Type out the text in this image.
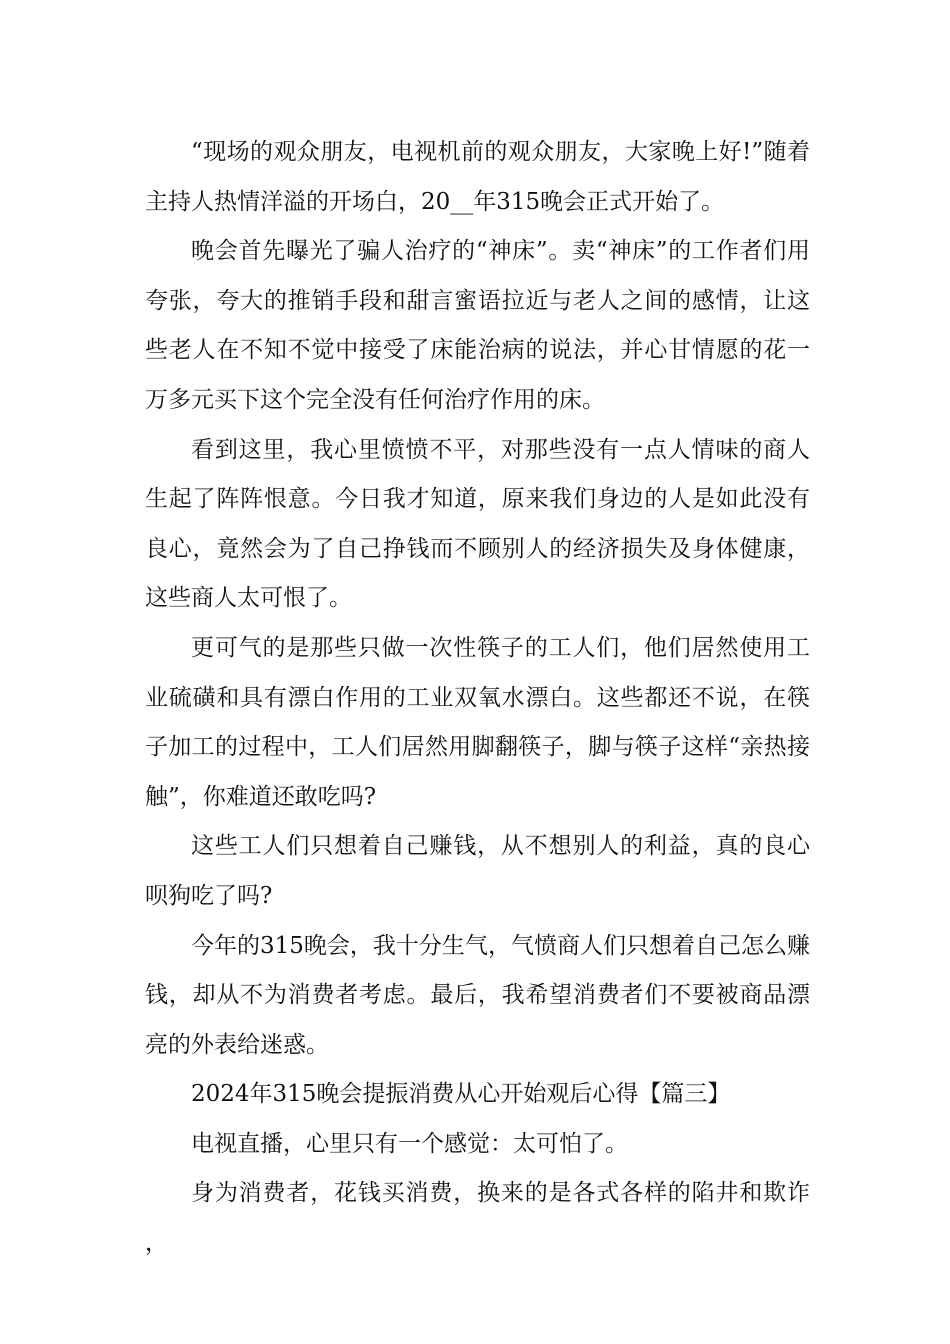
“现场的观众朋友，电视机前的观众朋友，大家晚上好!”随着主持人热情洋溢的开场白，20__年315晚会正式开始了。

晚会首先曝光了骗人治疗的“神床”。卖“神床”的工作者们用夸张，夸大的推销手段和甜言蜜语拉近与老人之间的感情，让这些老人在不知不觉中接受了床能治病的说法，并心甘情愿的花一万多元买下这个完全没有任何治疗作用的床。

看到这里，我心里愤愤不平，对那些没有一点人情味的商人生起了阵阵恨意。今日我才知道，原来我们身边的人是如此没有良心，竟然会为了自己挣钱而不顾别人的经济损失及身体健康，这些商人太可恨了。

更可气的是那些只做一次性筷子的工人们，他们居然使用工业硫磺和具有漂白作用的工业双氧水漂白。这些都还不说，在筷子加工的过程中，工人们居然用脚翻筷子，脚与筷子这样“亲热接触”，你难道还敢吃吗?

这些工人们只想着自己赚钱，从不想别人的利益，真的良心呗狗吃了吗?

今年的315晚会，我十分生气，气愤商人们只想着自己怎么赚钱，却从不为消费者考虑。最后，我希望消费者们不要被商品漂亮的外表给迷惑。

2024年315晚会提振消费从心开始观后心得【篇三】

电视直播，心里只有一个感觉：太可怕了。

身为消费者，花钱买消费，换来的是各式各样的陷井和欺诈，
